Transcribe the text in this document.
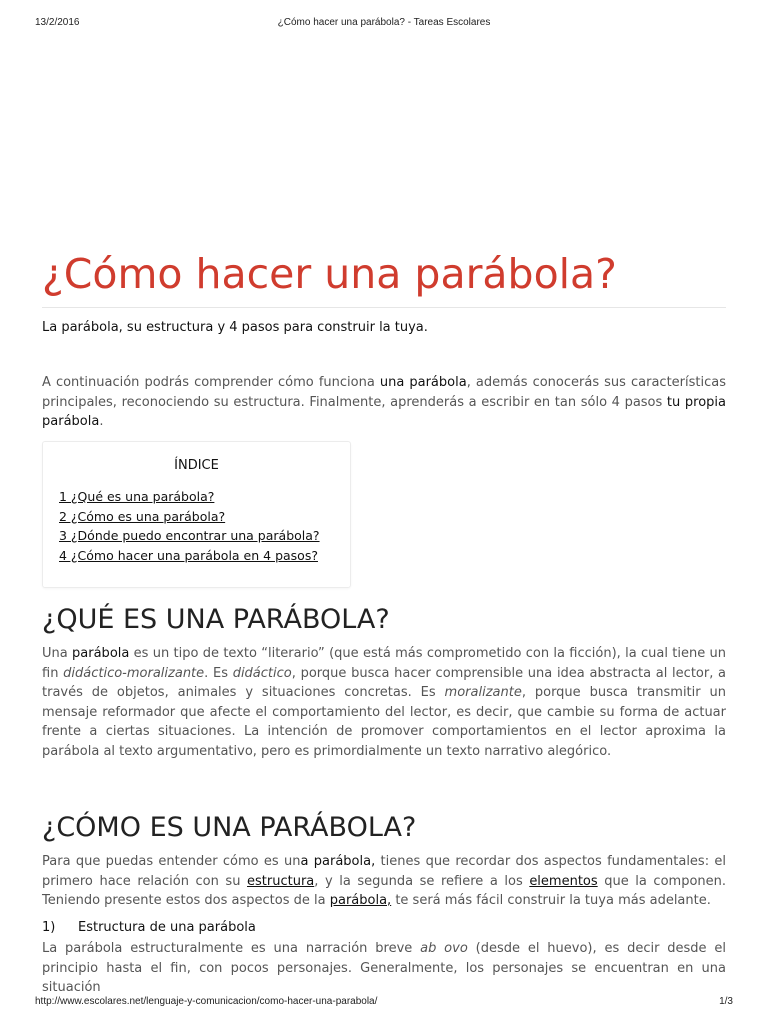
13/2/2016	¿Cómo hacer una parábola? - Tareas Escolares
¿Cómo hacer una parábola?

La parábola, su estructura y 4 pasos para construir la tuya.

A continuación podrás comprender cómo funciona una parábola, además conocerás sus características principales, reconociendo su estructura. Finalmente, aprenderás a escribir en tan sólo 4 pasos tu propia parábola.

ÍNDICE
1 ¿Qué es una parábola?
2 ¿Cómo es una parábola?
3 ¿Dónde puedo encontrar una parábola?
4 ¿Cómo hacer una parábola en 4 pasos?
¿QUÉ ES UNA PARÁBOLA?

Una parábola es un tipo de texto “literario” (que está más comprometido con la ficción), la cual tiene un fin didáctico-moralizante. Es didáctico, porque busca hacer comprensible una idea abstracta al lector, a través de objetos, animales y situaciones concretas. Es moralizante, porque busca transmitir un mensaje reformador que afecte el comportamiento del lector, es decir, que cambie su forma de actuar frente a ciertas situaciones. La intención de promover comportamientos en el lector aproxima la parábola al texto argumentativo, pero es primordialmente un texto narrativo alegórico.

¿CÓMO ES UNA PARÁBOLA?

Para que puedas entender cómo es una parábola, tienes que recordar dos aspectos fundamentales: el primero hace relación con su estructura, y la segunda se refiere a los elementos que la componen. Teniendo presente estos dos aspectos de la parábola, te será más fácil construir la tuya más adelante.

1) Estructura de una parábola

La parábola estructuralmente es una narración breve ab ovo (desde el huevo), es decir desde el principio hasta el fin, con pocos personajes. Generalmente, los personajes se encuentran en una situación

http://www.escolares.net/lenguaje-y-comunicacion/como-hacer-una-parabola/	1/3
